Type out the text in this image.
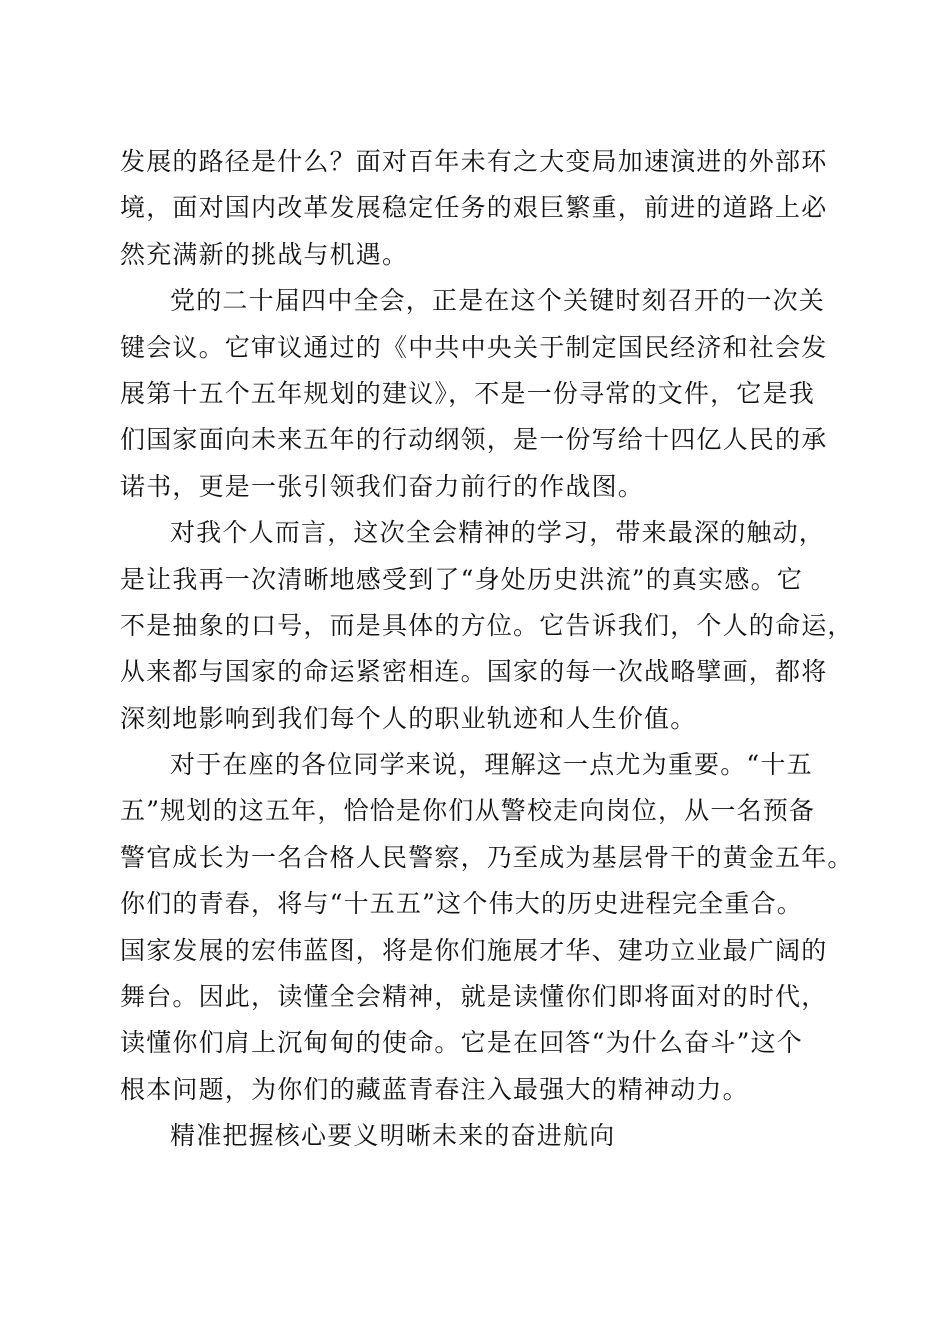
发展的路径是什么？面对百年未有之大变局加速演进的外部环
境，面对国内改革发展稳定任务的艰巨繁重，前进的道路上必
然充满新的挑战与机遇。
党的二十届四中全会，正是在这个关键时刻召开的一次关
键会议。它审议通过的《中共中央关于制定国民经济和社会发
展第十五个五年规划的建议》，不是一份寻常的文件，它是我
们国家面向未来五年的行动纲领，是一份写给十四亿人民的承
诺书，更是一张引领我们奋力前行的作战图。
对我个人而言，这次全会精神的学习，带来最深的触动，
是让我再一次清晰地感受到了“身处历史洪流”的真实感。它
不是抽象的口号，而是具体的方位。它告诉我们，个人的命运，
从来都与国家的命运紧密相连。国家的每一次战略擘画，都将
深刻地影响到我们每个人的职业轨迹和人生价值。
对于在座的各位同学来说，理解这一点尤为重要。“十五
五”规划的这五年，恰恰是你们从警校走向岗位，从一名预备
警官成长为一名合格人民警察，乃至成为基层骨干的黄金五年。
你们的青春，将与“十五五”这个伟大的历史进程完全重合。
国家发展的宏伟蓝图，将是你们施展才华、建功立业最广阔的
舞台。因此，读懂全会精神，就是读懂你们即将面对的时代，
读懂你们肩上沉甸甸的使命。它是在回答“为什么奋斗”这个
根本问题，为你们的藏蓝青春注入最强大的精神动力。
精准把握核心要义明晰未来的奋进航向
